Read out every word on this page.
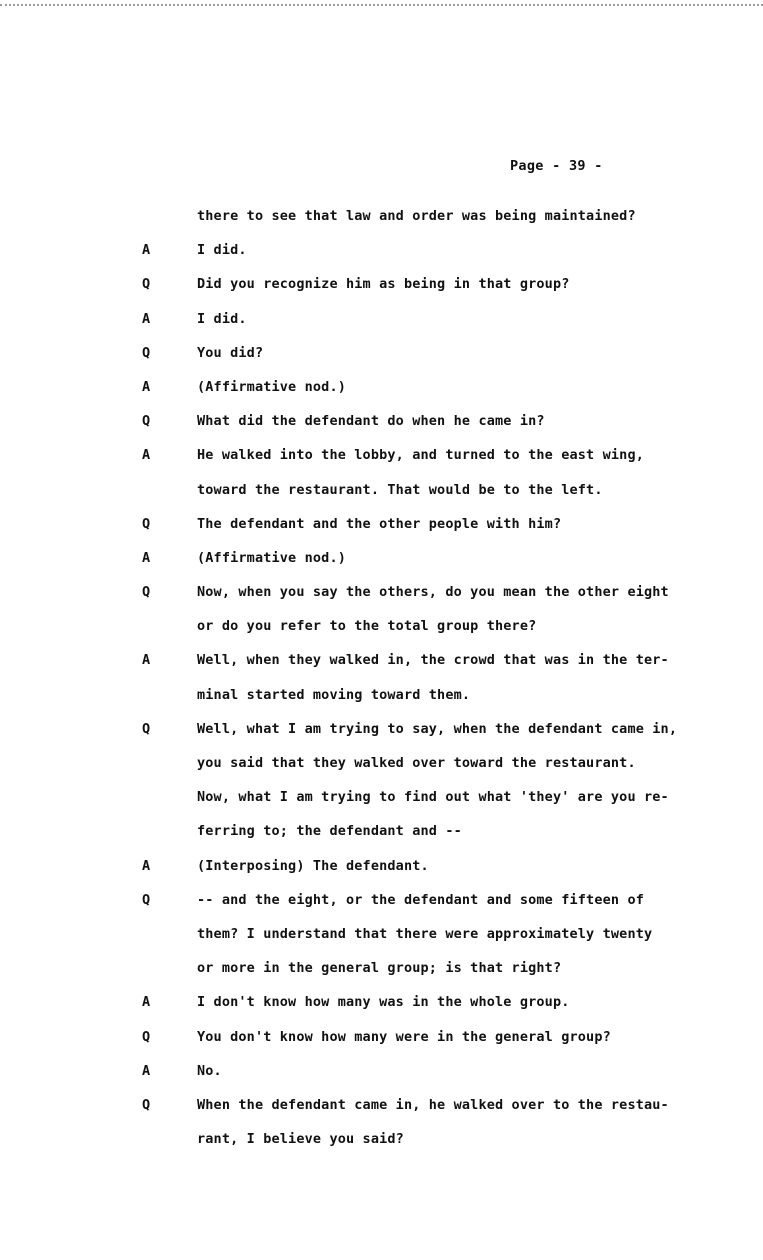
Page - 39 -
there to see that law and order was being maintained?
A	I did.
Q	Did you recognize him as being in that group?
A	I did.
Q	You did?
A	(Affirmative nod.)
Q	What did the defendant do when he came in?
A	He walked into the lobby, and turned to the east wing,
toward the restaurant. That would be to the left.
Q	The defendant and the other people with him?
A	(Affirmative nod.)
Q	Now, when you say the others, do you mean the other eight
or do you refer to the total group there?
A	Well, when they walked in, the crowd that was in the ter-
minal started moving toward them.
Q	Well, what I am trying to say, when the defendant came in,
you said that they walked over toward the restaurant.
Now, what I am trying to find out what 'they' are you re-
ferring to; the defendant and --
A	(Interposing) The defendant.
Q	-- and the eight, or the defendant and some fifteen of
them? I understand that there were approximately twenty
or more in the general group; is that right?
A	I don't know how many was in the whole group.
Q	You don't know how many were in the general group?
A	No.
Q	When the defendant came in, he walked over to the restau-
rant, I believe you said?
